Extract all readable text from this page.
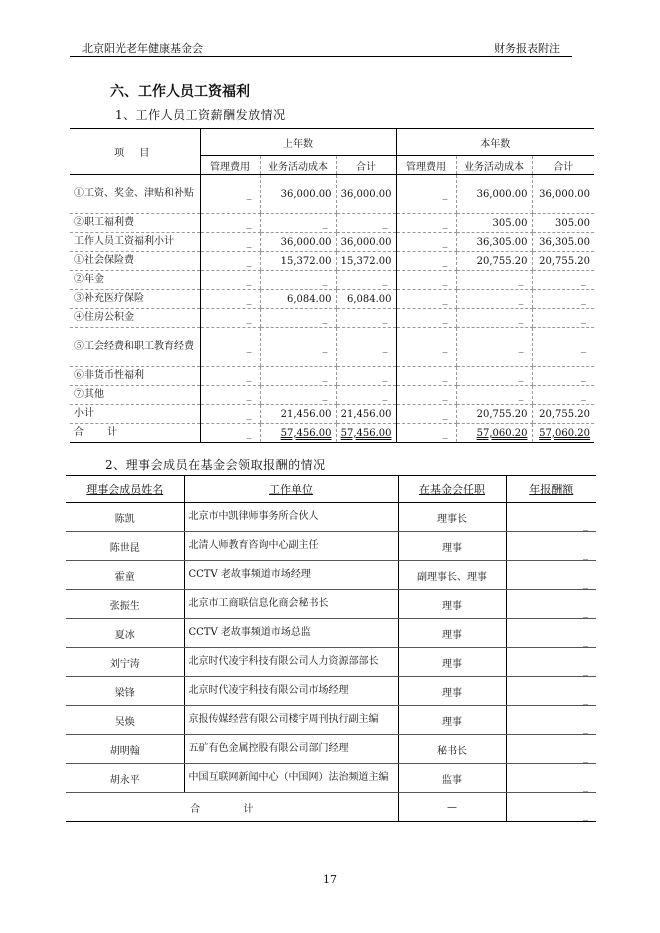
北京阳光老年健康基金会	财务报表附注
六、工作人员工资福利
1、工作人员工资薪酬发放情况
项 目	上年数			本年数		
	管理费用	业务活动成本	合计	管理费用	业务活动成本	合计
①工资、奖金、津贴和补贴	_	36,000.00	36,000.00	_	36,000.00	36,000.00
②职工福利费	_	_	_	_	305.00	305.00
工作人员工资福利小计	_	36,000.00	36,000.00	_	36,305.00	36,305.00
①社会保险费	_	15,372.00	15,372.00	_	20,755.20	20,755.20
②年金	_	_	_	_	_	_
③补充医疗保险	_	6,084.00	6,084.00	_	_	_
④住房公积金	_	_	_	_	_	_
⑤工会经费和职工教育经费	_	_	_	_	_	_
⑥非货币性福利	_	_	_	_	_	_
⑦其他	_	_	_	_	_	_
小计	_	21,456.00	21,456.00	_	20,755.20	20,755.20
合 计	_	57,456.00	57,456.00	_	57,060.20	57,060.20
2、理事会成员在基金会领取报酬的情况
理事会成员姓名	工作单位	在基金会任职	年报酬额
陈凯	北京市中凯律师事务所合伙人	理事长	_
陈世昆	北清人师教育咨询中心副主任	理事	_
霍童	CCTV 老故事频道市场经理	副理事长、理事	_
张振生	北京市工商联信息化商会秘书长	理事	_
夏冰	CCTV 老故事频道市场总监	理事	_
刘宁涛	北京时代凌宇科技有限公司人力资源部部长	理事	_
梁锋	北京时代凌宇科技有限公司市场经理	理事	_
吴焕	京报传媒经营有限公司楼宇周刊执行副主编	理事	_
胡明翰	五矿有色金属控股有限公司部门经理	秘书长	_
胡永平	中国互联网新闻中心（中国网）法治频道主编	监事	_
合 计		—	_
17
